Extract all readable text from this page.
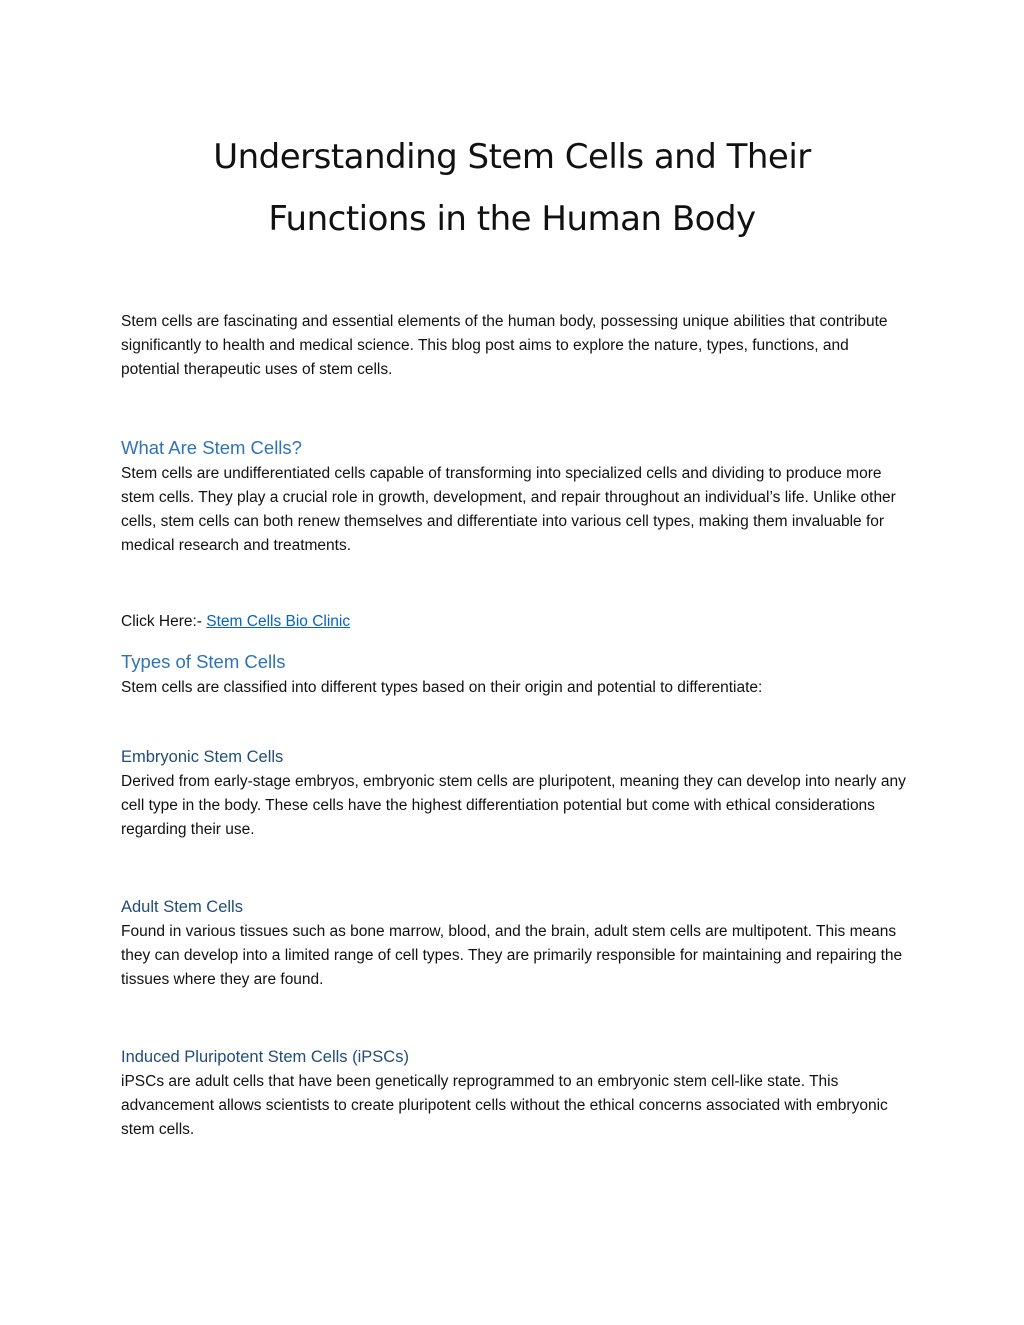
Understanding Stem Cells and Their
Functions in the Human Body

Stem cells are fascinating and essential elements of the human body, possessing unique abilities that contribute significantly to health and medical science. This blog post aims to explore the nature, types, functions, and potential therapeutic uses of stem cells.

What Are Stem Cells?

Stem cells are undifferentiated cells capable of transforming into specialized cells and dividing to produce more stem cells. They play a crucial role in growth, development, and repair throughout an individual’s life. Unlike other cells, stem cells can both renew themselves and differentiate into various cell types, making them invaluable for medical research and treatments.

Click Here:- Stem Cells Bio Clinic

Types of Stem Cells

Stem cells are classified into different types based on their origin and potential to differentiate:

Embryonic Stem Cells

Derived from early-stage embryos, embryonic stem cells are pluripotent, meaning they can develop into nearly any cell type in the body. These cells have the highest differentiation potential but come with ethical considerations regarding their use.

Adult Stem Cells

Found in various tissues such as bone marrow, blood, and the brain, adult stem cells are multipotent. This means they can develop into a limited range of cell types. They are primarily responsible for maintaining and repairing the tissues where they are found.

Induced Pluripotent Stem Cells (iPSCs)

iPSCs are adult cells that have been genetically reprogrammed to an embryonic stem cell-like state. This advancement allows scientists to create pluripotent cells without the ethical concerns associated with embryonic stem cells.
